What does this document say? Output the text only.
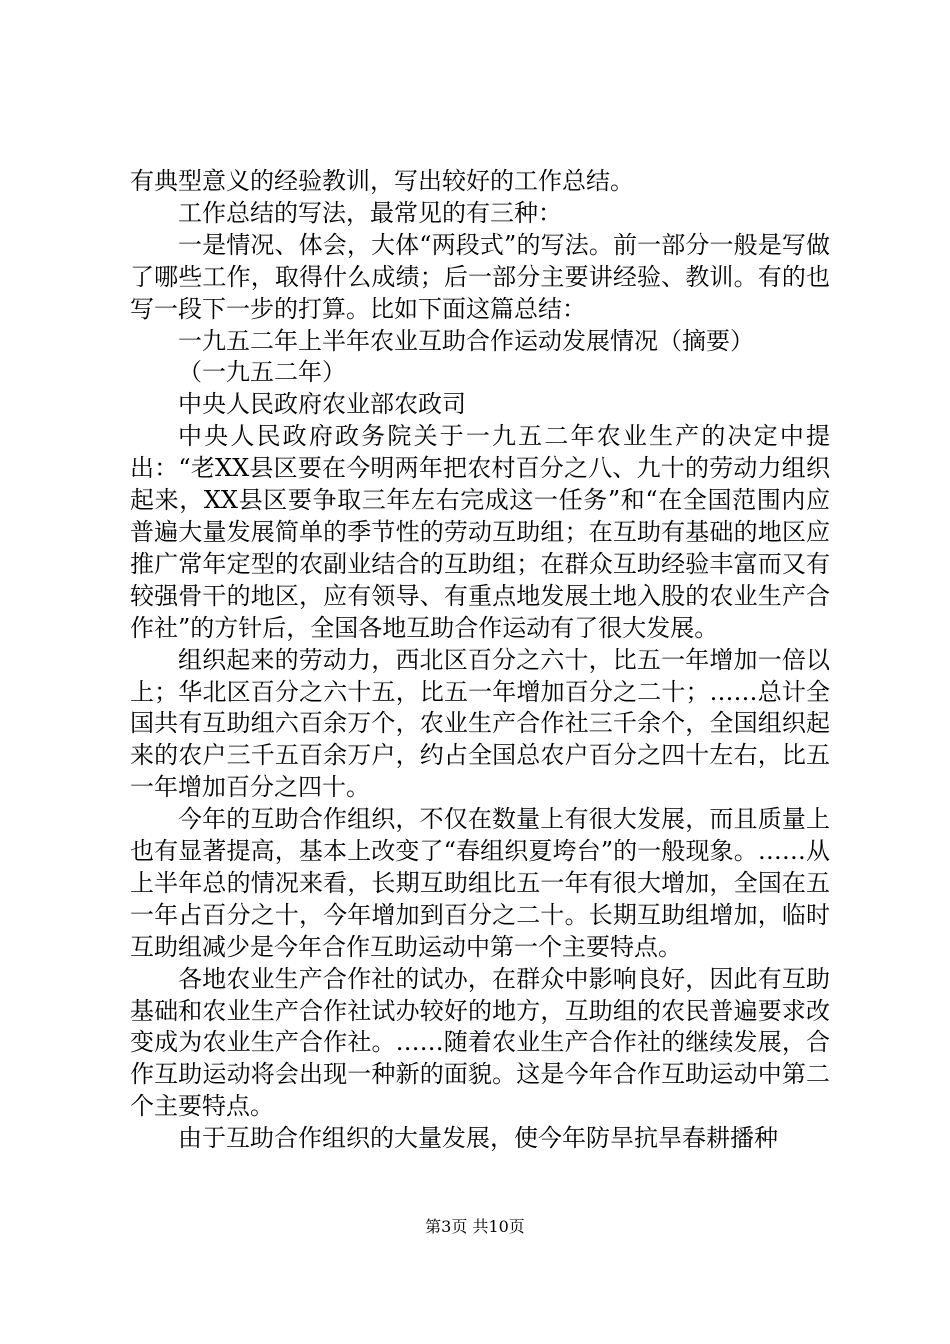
有典型意义的经验教训，写出较好的工作总结。

工作总结的写法，最常见的有三种：

一是情况、体会，大体“两段式”的写法。前一部分一般是写做了哪些工作，取得什么成绩；后一部分主要讲经验、教训。有的也写一段下一步的打算。比如下面这篇总结：

一九五二年上半年农业互助合作运动发展情况（摘要）

（一九五二年）

中央人民政府农业部农政司

中央人民政府政务院关于一九五二年农业生产的决定中提出：“老XX县区要在今明两年把农村百分之八、九十的劳动力组织起来，XX县区要争取三年左右完成这一任务”和“在全国范围内应普遍大量发展简单的季节性的劳动互助组；在互助有基础的地区应推广常年定型的农副业结合的互助组；在群众互助经验丰富而又有较强骨干的地区，应有领导、有重点地发展土地入股的农业生产合作社”的方针后，全国各地互助合作运动有了很大发展。

组织起来的劳动力，西北区百分之六十，比五一年增加一倍以上；华北区百分之六十五，比五一年增加百分之二十；……总计全国共有互助组六百余万个，农业生产合作社三千余个，全国组织起来的农户三千五百余万户，约占全国总农户百分之四十左右，比五一年增加百分之四十。

今年的互助合作组织，不仅在数量上有很大发展，而且质量上也有显著提高，基本上改变了“春组织夏垮台”的一般现象。……从上半年总的情况来看，长期互助组比五一年有很大增加，全国在五一年占百分之十，今年增加到百分之二十。长期互助组增加，临时互助组减少是今年合作互助运动中第一个主要特点。

各地农业生产合作社的试办，在群众中影响良好，因此有互助基础和农业生产合作社试办较好的地方，互助组的农民普遍要求改变成为农业生产合作社。……随着农业生产合作社的继续发展，合作互助运动将会出现一种新的面貌。这是今年合作互助运动中第二个主要特点。

由于互助合作组织的大量发展，使今年防旱抗旱春耕播种

第3页 共10页
